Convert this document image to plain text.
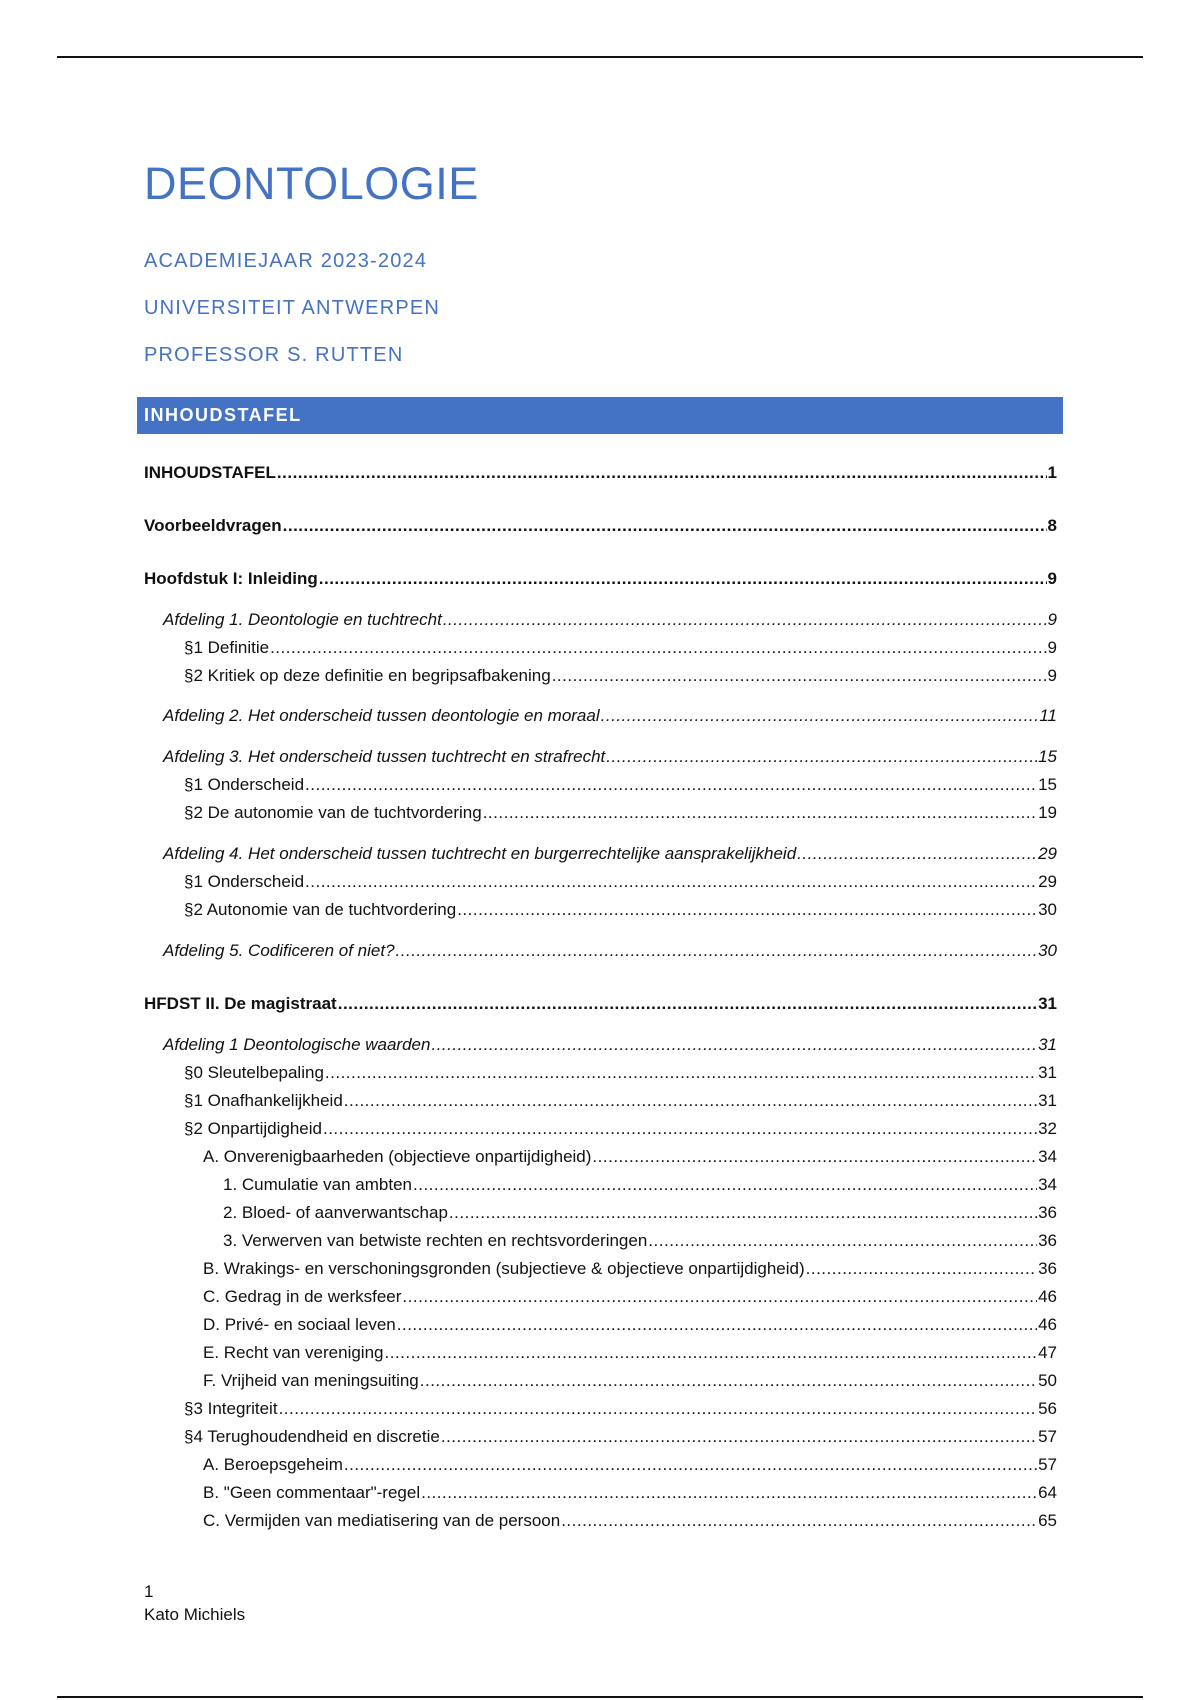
DEONTOLOGIE
ACADEMIEJAAR 2023-2024
UNIVERSITEIT ANTWERPEN
PROFESSOR S. RUTTEN
INHOUDSTAFEL
INHOUDSTAFEL .....	1
Voorbeeldvragen .....	8
Hoofdstuk I: Inleiding .....	9
Afdeling 1. Deontologie en tuchtrecht .....	9
§1 Definitie .....	9
§2 Kritiek op deze definitie en begripsafbakening .....	9
Afdeling 2. Het onderscheid tussen deontologie en moraal .....	11
Afdeling 3. Het onderscheid tussen tuchtrecht en strafrecht .....	15
§1 Onderscheid .....	15
§2 De autonomie van de tuchtvordering .....	19
Afdeling 4. Het onderscheid tussen tuchtrecht en burgerrechtelijke aansprakelijkheid .....	29
§1 Onderscheid .....	29
§2 Autonomie van de tuchtvordering .....	30
Afdeling 5. Codificeren of niet? .....	30
HFDST II. De magistraat .....	31
Afdeling 1 Deontologische waarden .....	31
§0 Sleutelbepaling .....	31
§1 Onafhankelijkheid .....	31
§2 Onpartijdigheid .....	32
A. Onverenigbaarheden (objectieve onpartijdigheid) .....	34
1. Cumulatie van ambten .....	34
2. Bloed- of aanverwantschap .....	36
3. Verwerven van betwiste rechten en rechtsvorderingen .....	36
B. Wrakings- en verschoningsgronden (subjectieve & objectieve onpartijdigheid) .....	36
C. Gedrag in de werksfeer .....	46
D. Privé- en sociaal leven .....	46
E. Recht van vereniging .....	47
F. Vrijheid van meningsuiting .....	50
§3 Integriteit .....	56
§4 Terughoudendheid en discretie .....	57
A. Beroepsgeheim .....	57
B. "Geen commentaar"-regel .....	64
C. Vermijden van mediatisering van de persoon .....	65
1
Kato Michiels
